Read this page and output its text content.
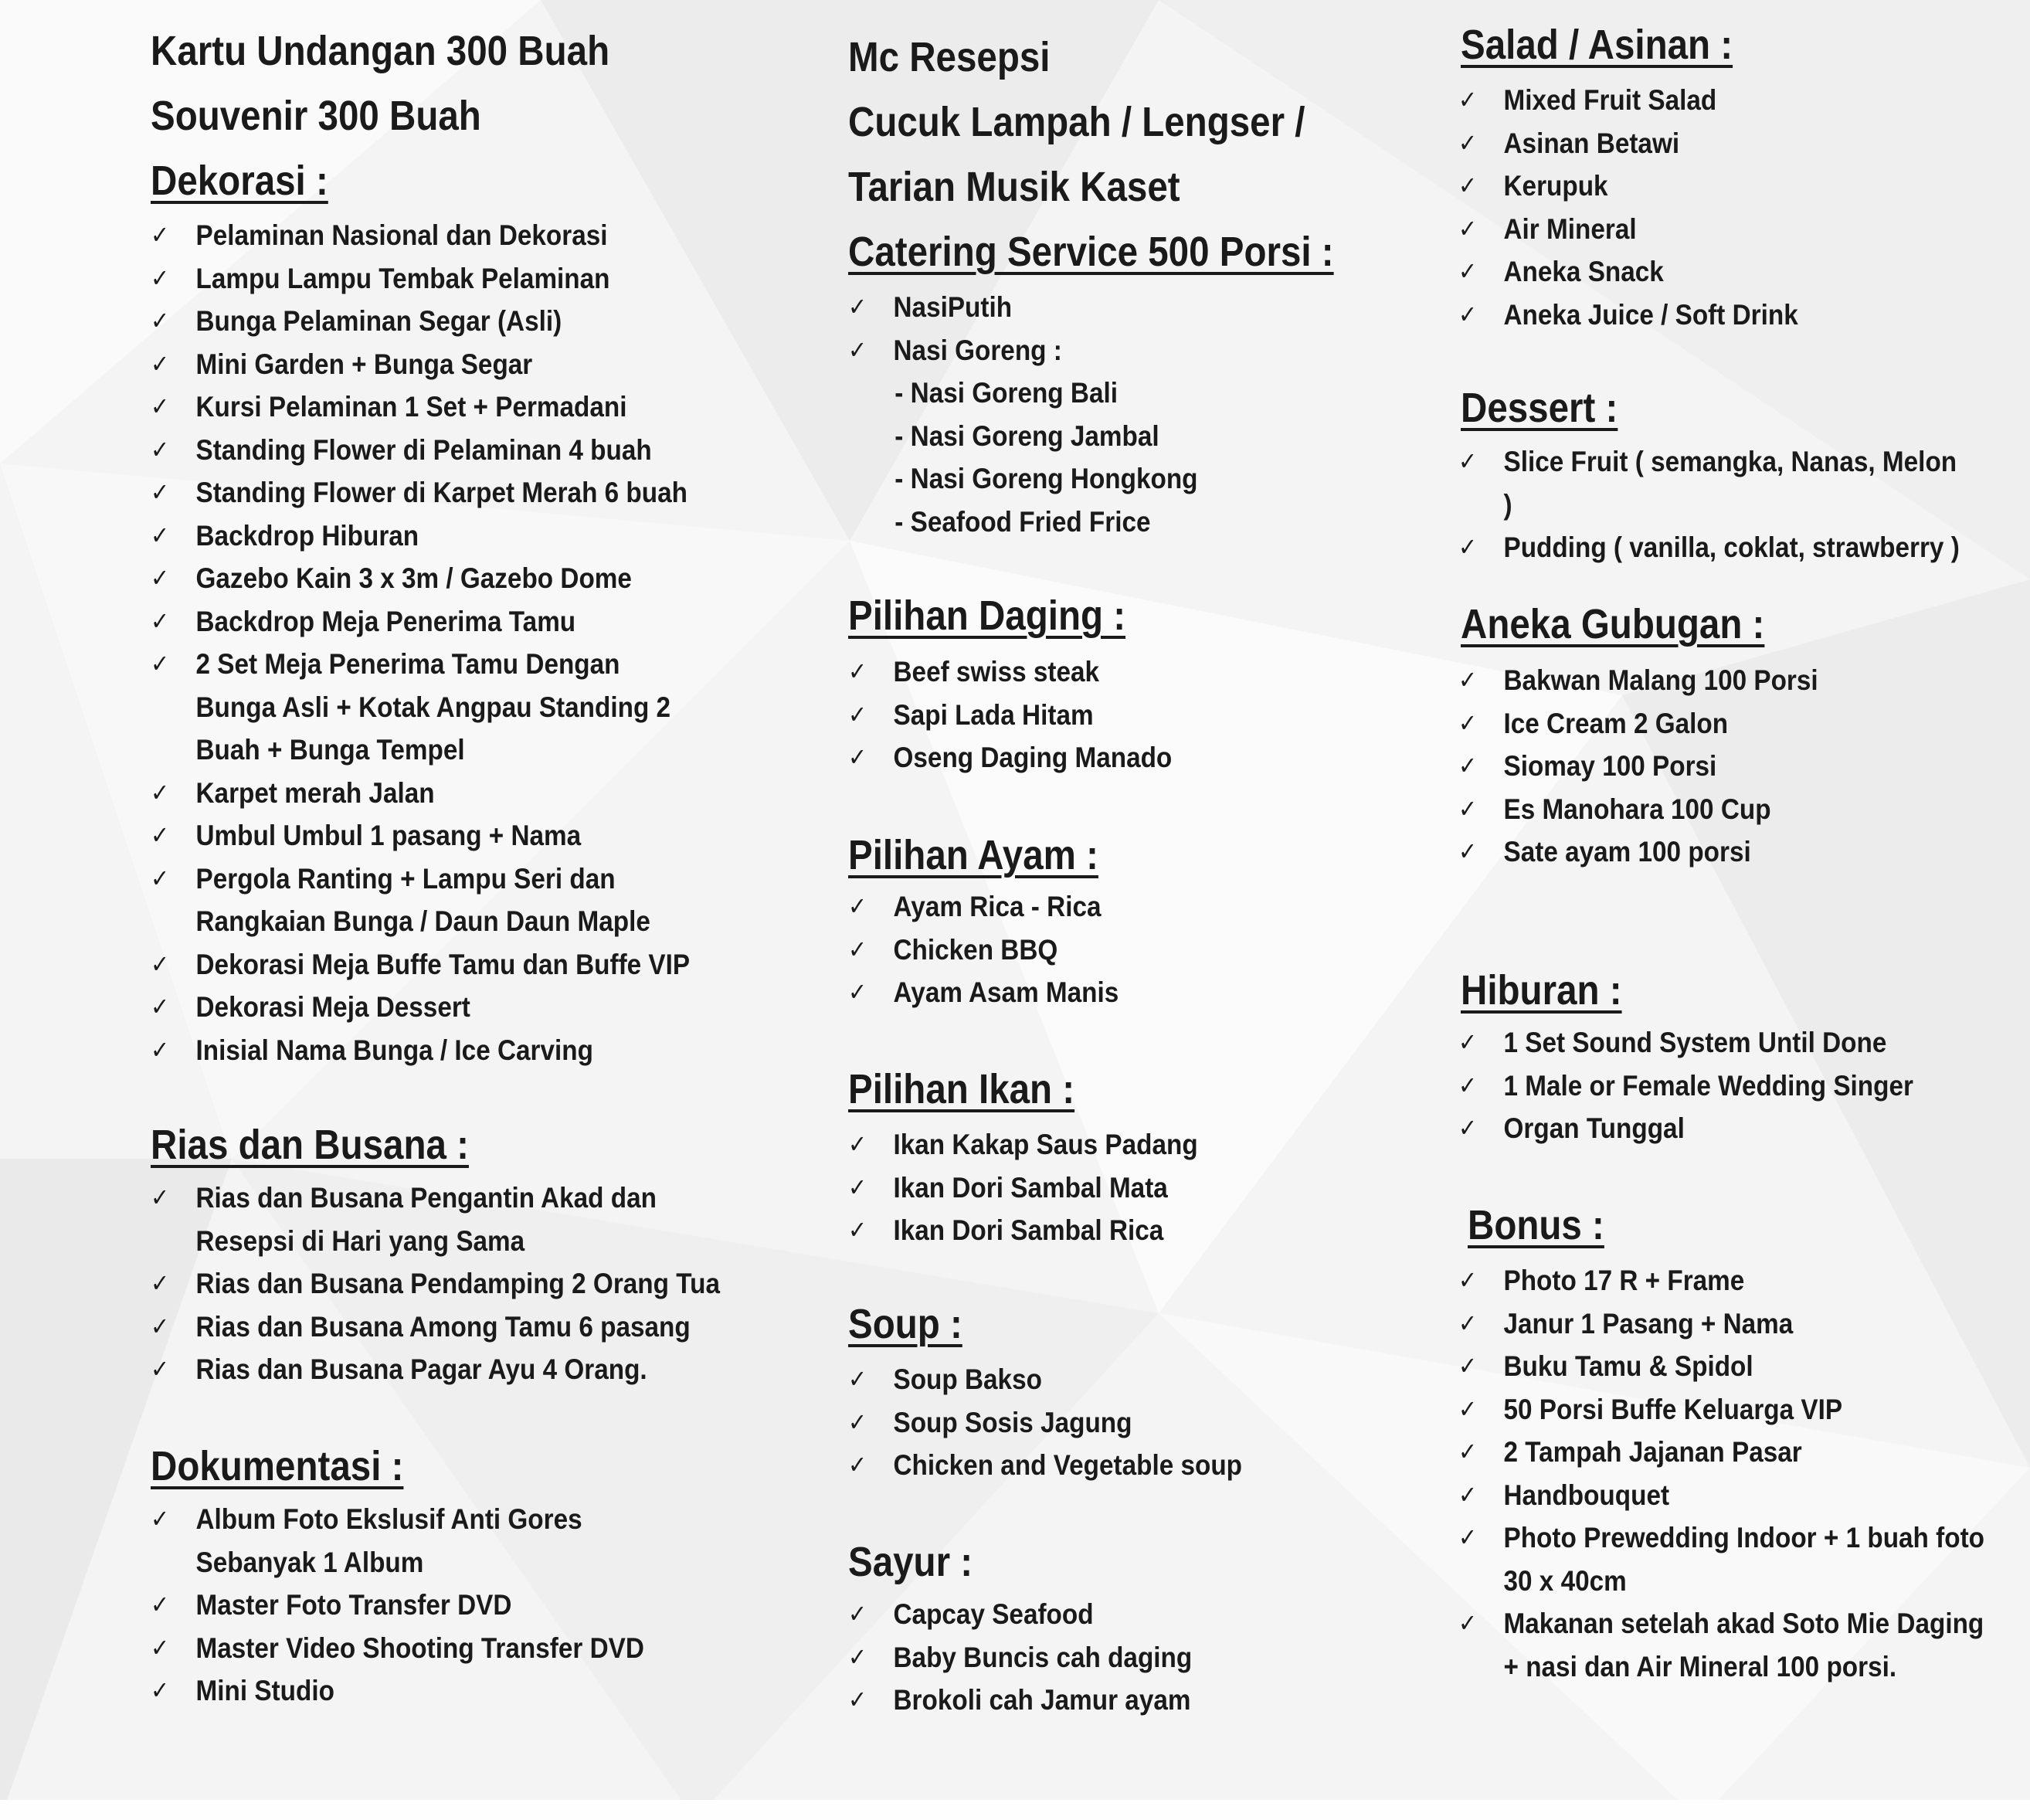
Kartu Undangan 300 Buah
Souvenir 300 Buah
Dekorasi :
✓ Pelaminan Nasional dan Dekorasi
✓ Lampu Lampu Tembak Pelaminan
✓ Bunga Pelaminan Segar (Asli)
✓ Mini Garden + Bunga Segar
✓ Kursi Pelaminan 1 Set + Permadani
✓ Standing Flower di Pelaminan 4 buah
✓ Standing Flower di Karpet Merah 6 buah
✓ Backdrop Hiburan
✓ Gazebo Kain 3 x 3m / Gazebo Dome
✓ Backdrop Meja Penerima Tamu
✓ 2 Set Meja Penerima Tamu Dengan Bunga Asli + Kotak Angpau Standing 2 Buah + Bunga Tempel
✓ Karpet merah Jalan
✓ Umbul Umbul 1 pasang + Nama
✓ Pergola Ranting + Lampu Seri dan Rangkaian Bunga / Daun Daun Maple
✓ Dekorasi Meja Buffe Tamu dan Buffe VIP
✓ Dekorasi Meja Dessert
✓ Inisial Nama Bunga / Ice Carving
Rias dan Busana :
✓ Rias dan Busana Pengantin Akad dan Resepsi di Hari yang Sama
✓ Rias dan Busana Pendamping 2 Orang Tua
✓ Rias dan Busana Among Tamu 6 pasang
✓ Rias dan Busana Pagar Ayu 4 Orang.
Dokumentasi :
✓ Album Foto Ekslusif Anti Gores Sebanyak 1 Album
✓ Master Foto Transfer DVD
✓ Master Video Shooting Transfer DVD
✓ Mini Studio
Mc Resepsi
Cucuk Lampah / Lengser /
Tarian Musik Kaset
Catering Service 500 Porsi :
✓ NasiPutih
✓ Nasi Goreng :
- Nasi Goreng Bali
- Nasi Goreng Jambal
- Nasi Goreng Hongkong
- Seafood Fried Frice
Pilihan Daging :
✓ Beef swiss steak
✓ Sapi Lada Hitam
✓ Oseng Daging Manado
Pilihan Ayam :
✓ Ayam Rica - Rica
✓ Chicken BBQ
✓ Ayam Asam Manis
Pilihan Ikan :
✓ Ikan Kakap Saus Padang
✓ Ikan Dori Sambal Mata
✓ Ikan Dori Sambal Rica
Soup :
✓ Soup Bakso
✓ Soup Sosis Jagung
✓ Chicken and Vegetable soup
Sayur :
✓ Capcay Seafood
✓ Baby Buncis cah daging
✓ Brokoli cah Jamur ayam
Salad / Asinan :
✓ Mixed Fruit Salad
✓ Asinan Betawi
✓ Kerupuk
✓ Air Mineral
✓ Aneka Snack
✓ Aneka Juice / Soft Drink
Dessert :
✓ Slice Fruit ( semangka, Nanas, Melon )
✓ Pudding ( vanilla, coklat, strawberry )
Aneka Gubugan :
✓ Bakwan Malang 100 Porsi
✓ Ice Cream 2 Galon
✓ Siomay 100 Porsi
✓ Es Manohara 100 Cup
✓ Sate ayam 100 porsi
Hiburan :
✓ 1 Set Sound System Until Done
✓ 1 Male or Female Wedding Singer
✓ Organ Tunggal
Bonus :
✓ Photo 17 R + Frame
✓ Janur 1 Pasang + Nama
✓ Buku Tamu & Spidol
✓ 50 Porsi Buffe Keluarga VIP
✓ 2 Tampah Jajanan Pasar
✓ Handbouquet
✓ Photo Prewedding Indoor + 1 buah foto 30 x 40cm
✓ Makanan setelah akad Soto Mie Daging + nasi dan Air Mineral 100 porsi.
